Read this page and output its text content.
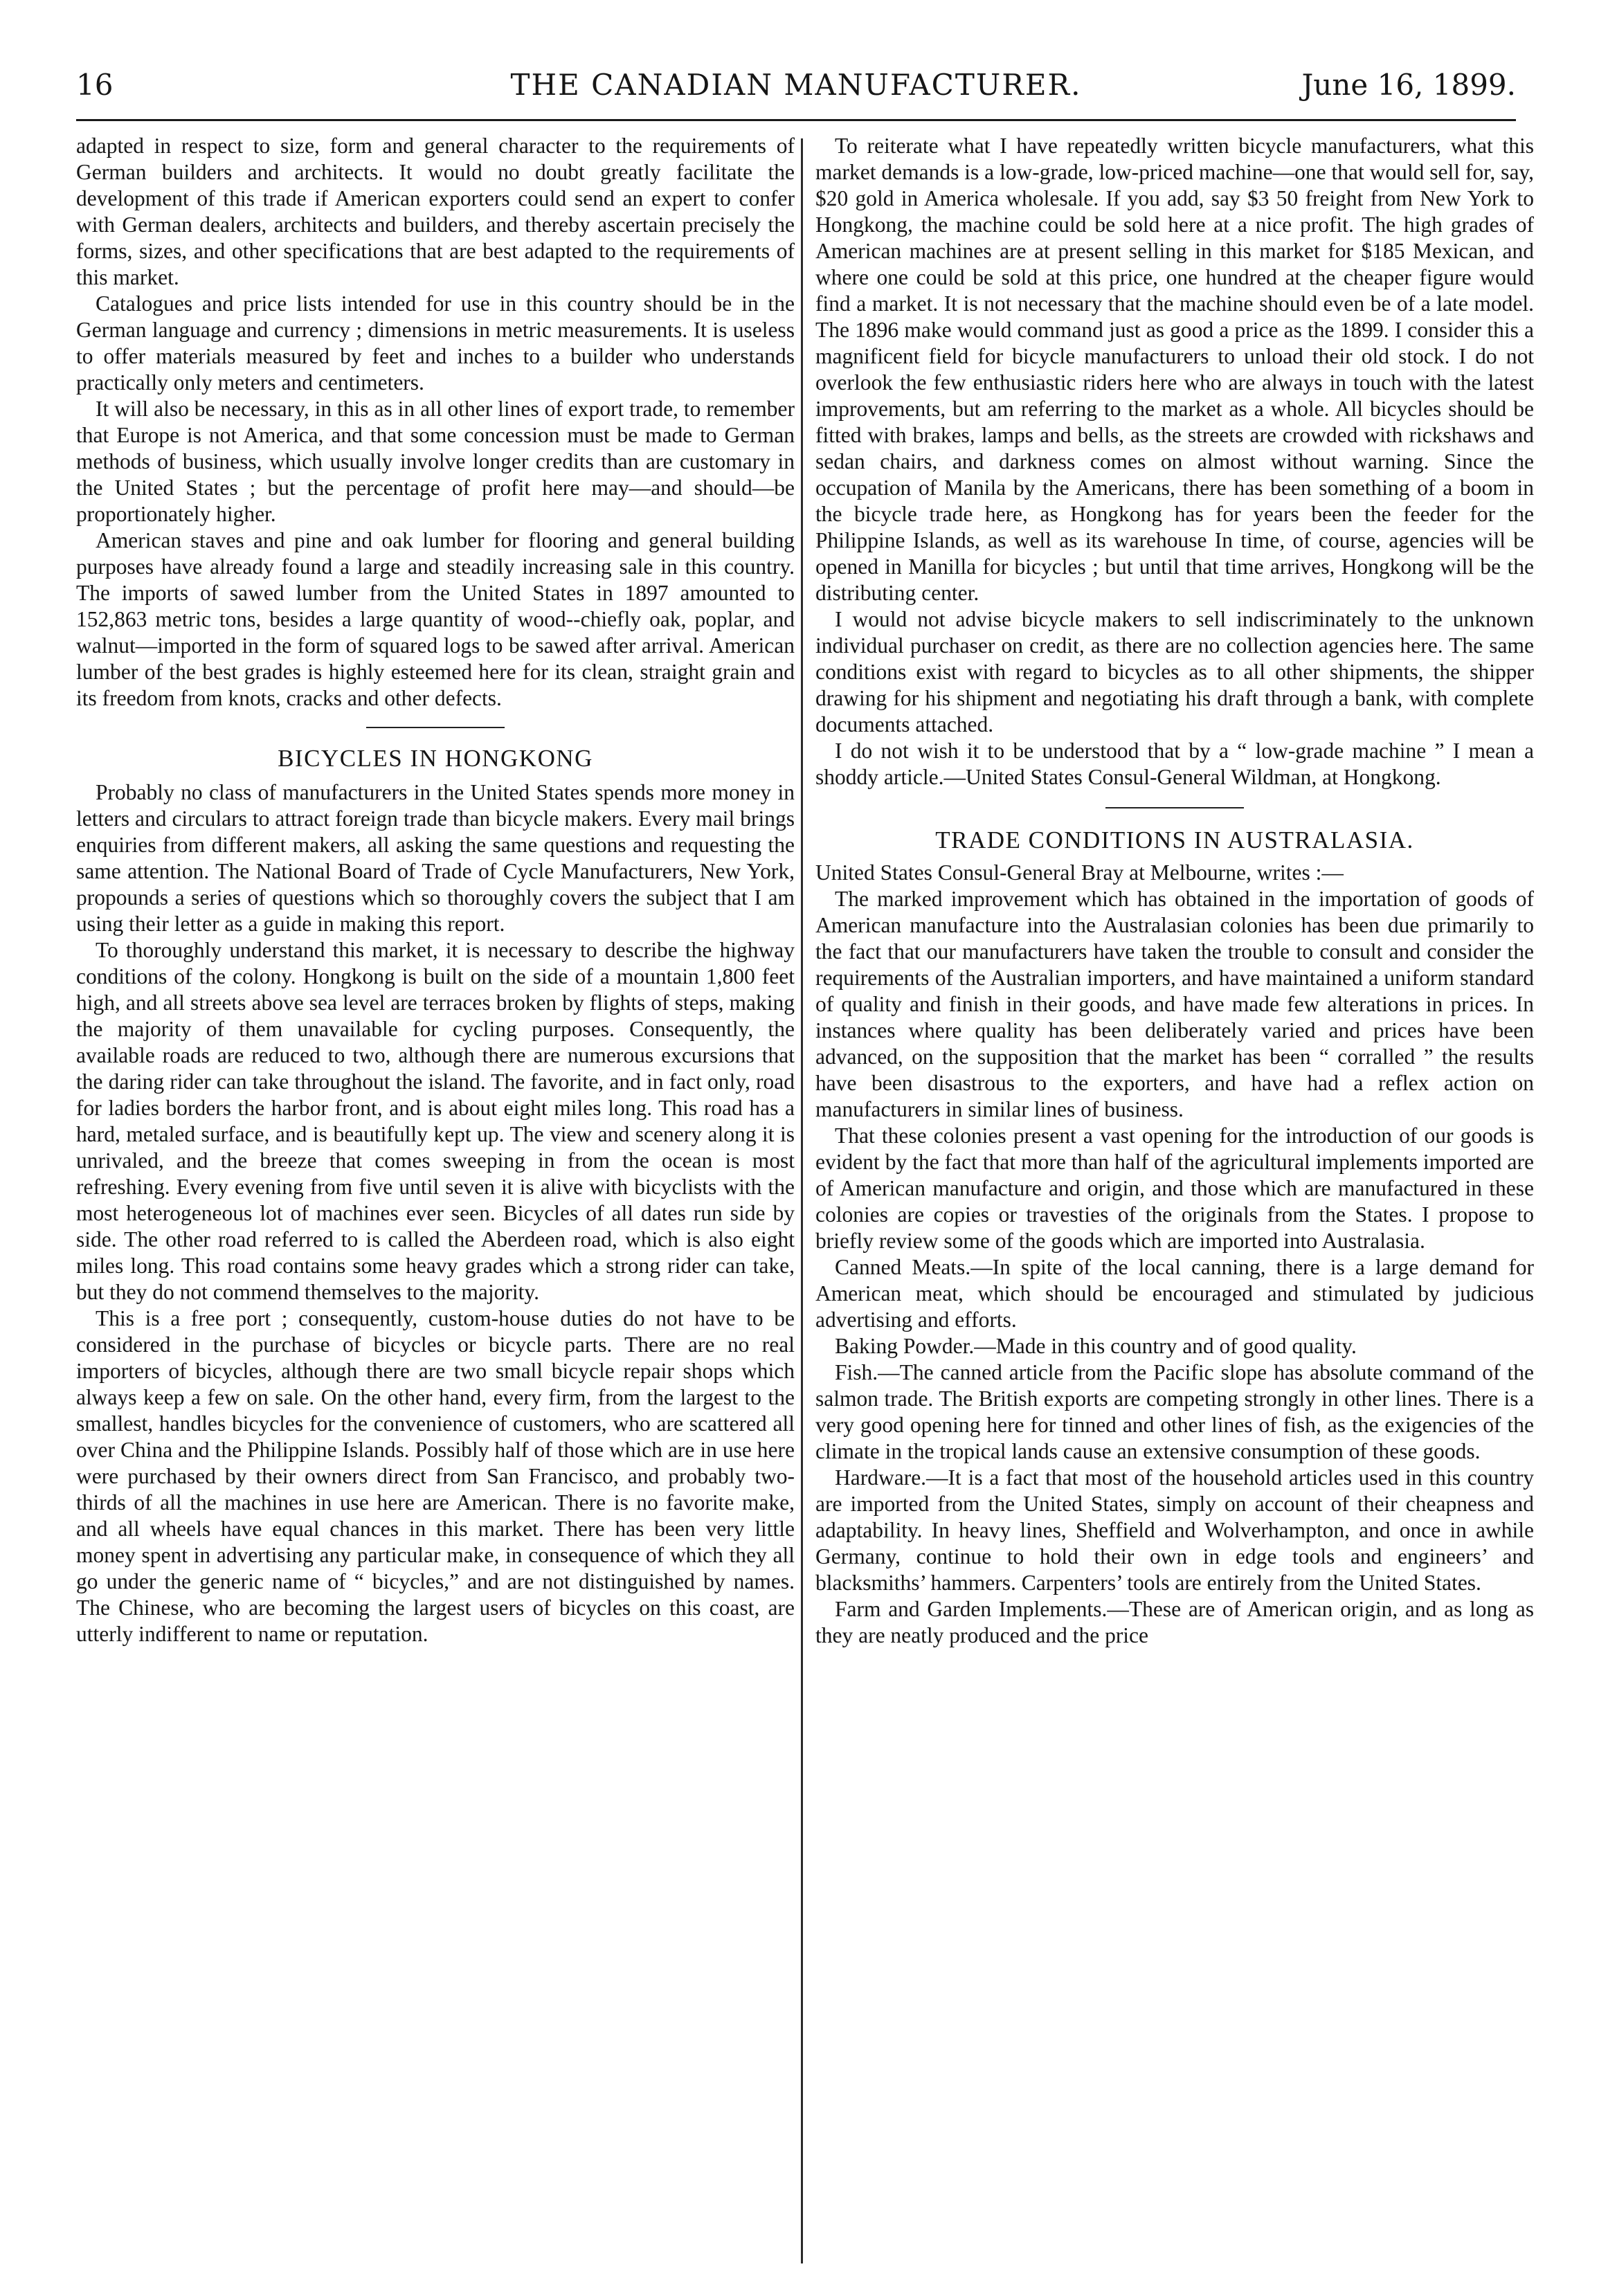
16	THE CANADIAN MANUFACTURER.	June 16, 1899.

adapted in respect to size, form and general character to the requirements of German builders and architects. It would no doubt greatly facilitate the development of this trade if American exporters could send an expert to confer with German dealers, architects and builders, and thereby ascertain precisely the forms, sizes, and other specifications that are best adapted to the requirements of this market.

Catalogues and price lists intended for use in this country should be in the German language and currency ; dimensions in metric measurements. It is useless to offer materials measured by feet and inches to a builder who understands practically only meters and centimeters.

It will also be necessary, in this as in all other lines of export trade, to remember that Europe is not America, and that some concession must be made to German methods of business, which usually involve longer credits than are customary in the United States ; but the percentage of profit here may—and should—be proportionately higher.

American staves and pine and oak lumber for flooring and general building purposes have already found a large and steadily increasing sale in this country. The imports of sawed lumber from the United States in 1897 amounted to 152,863 metric tons, besides a large quantity of wood--chiefly oak, poplar, and walnut—imported in the form of squared logs to be sawed after arrival. American lumber of the best grades is highly esteemed here for its clean, straight grain and its freedom from knots, cracks and other defects.

BICYCLES IN HONGKONG

Probably no class of manufacturers in the United States spends more money in letters and circulars to attract foreign trade than bicycle makers. Every mail brings enquiries from different makers, all asking the same questions and requesting the same attention. The National Board of Trade of Cycle Manufacturers, New York, propounds a series of questions which so thoroughly covers the subject that I am using their letter as a guide in making this report.

To thoroughly understand this market, it is necessary to describe the highway conditions of the colony. Hongkong is built on the side of a mountain 1,800 feet high, and all streets above sea level are terraces broken by flights of steps, making the majority of them unavailable for cycling purposes. Consequently, the available roads are reduced to two, although there are numerous excursions that the daring rider can take throughout the island. The favorite, and in fact only, road for ladies borders the harbor front, and is about eight miles long. This road has a hard, metaled surface, and is beautifully kept up. The view and scenery along it is unrivaled, and the breeze that comes sweeping in from the ocean is most refreshing. Every evening from five until seven it is alive with bicyclists with the most heterogeneous lot of machines ever seen. Bicycles of all dates run side by side. The other road referred to is called the Aberdeen road, which is also eight miles long. This road contains some heavy grades which a strong rider can take, but they do not commend themselves to the majority.

This is a free port ; consequently, custom-house duties do not have to be considered in the purchase of bicycles or bicycle parts. There are no real importers of bicycles, although there are two small bicycle repair shops which always keep a few on sale. On the other hand, every firm, from the largest to the smallest, handles bicycles for the convenience of customers, who are scattered all over China and the Philippine Islands. Possibly half of those which are in use here were purchased by their owners direct from San Francisco, and probably two-thirds of all the machines in use here are American. There is no favorite make, and all wheels have equal chances in this market. There has been very little money spent in advertising any particular make, in consequence of which they all go under the generic name of “ bicycles,” and are not distinguished by names. The Chinese, who are becoming the largest users of bicycles on this coast, are utterly indifferent to name or reputation.

To reiterate what I have repeatedly written bicycle manufacturers, what this market demands is a low-grade, low-priced machine—one that would sell for, say, $20 gold in America wholesale. If you add, say $3 50 freight from New York to Hongkong, the machine could be sold here at a nice profit. The high grades of American machines are at present selling in this market for $185 Mexican, and where one could be sold at this price, one hundred at the cheaper figure would find a market. It is not necessary that the machine should even be of a late model. The 1896 make would command just as good a price as the 1899. I consider this a magnificent field for bicycle manufacturers to unload their old stock. I do not overlook the few enthusiastic riders here who are always in touch with the latest improvements, but am referring to the market as a whole. All bicycles should be fitted with brakes, lamps and bells, as the streets are crowded with rickshaws and sedan chairs, and darkness comes on almost without warning. Since the occupation of Manila by the Americans, there has been something of a boom in the bicycle trade here, as Hongkong has for years been the feeder for the Philippine Islands, as well as its warehouse In time, of course, agencies will be opened in Manilla for bicycles ; but until that time arrives, Hongkong will be the distributing center.

I would not advise bicycle makers to sell indiscriminately to the unknown individual purchaser on credit, as there are no collection agencies here. The same conditions exist with regard to bicycles as to all other shipments, the shipper drawing for his shipment and negotiating his draft through a bank, with complete documents attached.

I do not wish it to be understood that by a “ low-grade machine ” I mean a shoddy article.—United States Consul-General Wildman, at Hongkong.

TRADE CONDITIONS IN AUSTRALASIA.

United States Consul-General Bray at Melbourne, writes :—

The marked improvement which has obtained in the importation of goods of American manufacture into the Australasian colonies has been due primarily to the fact that our manufacturers have taken the trouble to consult and consider the requirements of the Australian importers, and have maintained a uniform standard of quality and finish in their goods, and have made few alterations in prices. In instances where quality has been deliberately varied and prices have been advanced, on the supposition that the market has been “ corralled ” the results have been disastrous to the exporters, and have had a reflex action on manufacturers in similar lines of business.

That these colonies present a vast opening for the introduction of our goods is evident by the fact that more than half of the agricultural implements imported are of American manufacture and origin, and those which are manufactured in these colonies are copies or travesties of the originals from the States. I propose to briefly review some of the goods which are imported into Australasia.

Canned Meats.—In spite of the local canning, there is a large demand for American meat, which should be encouraged and stimulated by judicious advertising and efforts.

Baking Powder.—Made in this country and of good quality.

Fish.—The canned article from the Pacific slope has absolute command of the salmon trade. The British exports are competing strongly in other lines. There is a very good opening here for tinned and other lines of fish, as the exigencies of the climate in the tropical lands cause an extensive consumption of these goods.

Hardware.—It is a fact that most of the household articles used in this country are imported from the United States, simply on account of their cheapness and adaptability. In heavy lines, Sheffield and Wolverhampton, and once in awhile Germany, continue to hold their own in edge tools and engineers’ and blacksmiths’ hammers. Carpenters’ tools are entirely from the United States.

Farm and Garden Implements.—These are of American origin, and as long as they are neatly produced and the price
